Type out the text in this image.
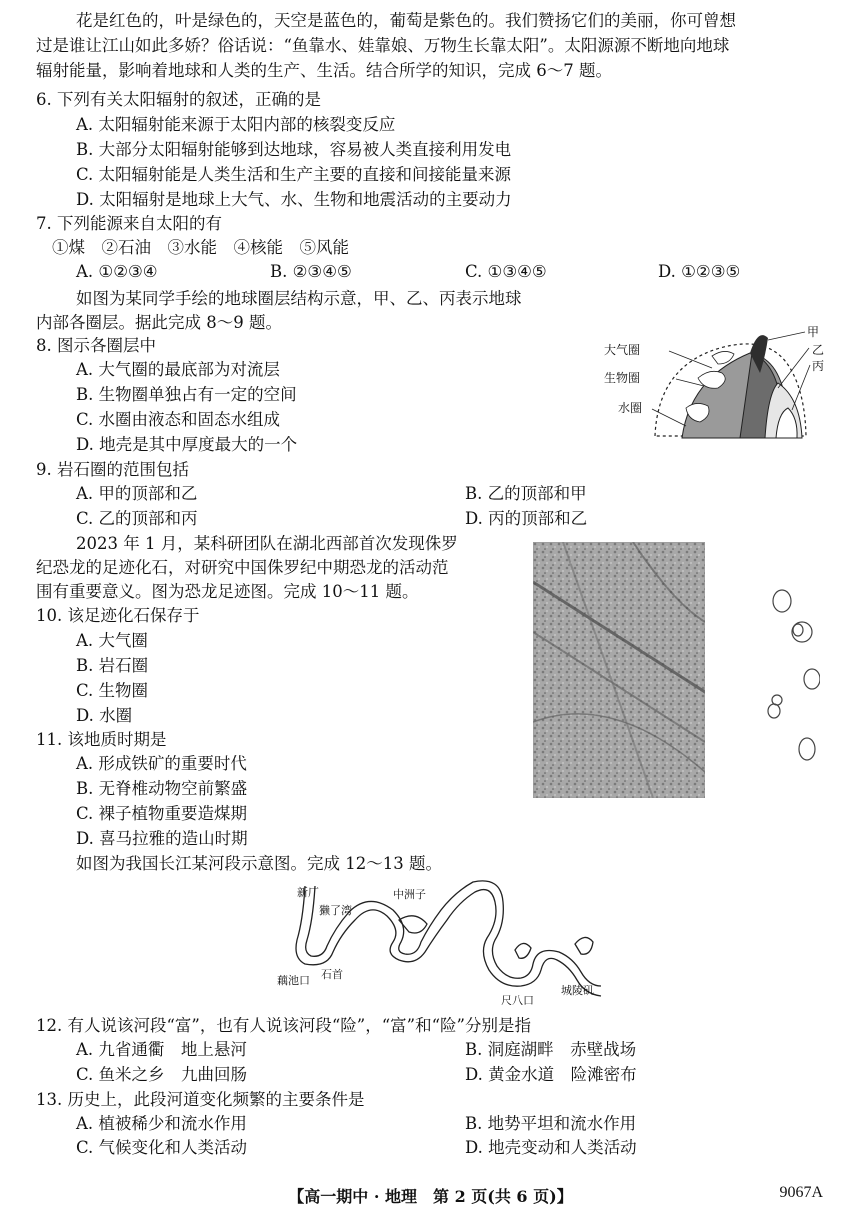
花是红色的，叶是绿色的，天空是蓝色的，葡萄是紫色的。我们赞扬它们的美丽，你可曾想
过是谁让江山如此多娇？俗话说：“鱼靠水、娃靠娘、万物生长靠太阳”。太阳源源不断地向地球
辐射能量，影响着地球和人类的生产、生活。结合所学的知识，完成 6～7 题。
6. 下列有关太阳辐射的叙述，正确的是
A. 太阳辐射能来源于太阳内部的核裂变反应
B. 大部分太阳辐射能够到达地球，容易被人类直接利用发电
C. 太阳辐射能是人类生活和生产主要的直接和间接能量来源
D. 太阳辐射是地球上大气、水、生物和地震活动的主要动力
7. 下列能源来自太阳的有
①煤　②石油　③水能　④核能　⑤风能
A. ①②③④	B. ②③④⑤	C. ①③④⑤	D. ①②③⑤
如图为某同学手绘的地球圈层结构示意，甲、乙、丙表示地球
内部各圈层。据此完成 8～9 题。	甲
乙
丙
大气圈
生物圈
水圈
8. 图示各圈层中
A. 大气圈的最底部为对流层
B. 生物圈单独占有一定的空间
C. 水圈由液态和固态水组成
D. 地壳是其中厚度最大的一个
9. 岩石圈的范围包括
A. 甲的顶部和乙	B. 乙的顶部和甲
C. 乙的顶部和丙	D. 丙的顶部和乙
2023 年 1 月，某科研团队在湖北西部首次发现侏罗
纪恐龙的足迹化石，对研究中国侏罗纪中期恐龙的活动范
围有重要意义。图为恐龙足迹图。完成 10～11 题。
10. 该足迹化石保存于
A. 大气圈
B. 岩石圈
C. 生物圈
D. 水圈
11. 该地质时期是
A. 形成铁矿的重要时代
B. 无脊椎动物空前繁盛
C. 裸子植物重要造煤期
D. 喜马拉雅的造山时期
如图为我国长江某河段示意图。完成 12～13 题。
新厂	中洲子
獭了湾
藕池口 石首
尺八口
城陵矶
12. 有人说该河段“富”，也有人说该河段“险”，“富”和“险”分别是指
A. 九省通衢　地上悬河	B. 洞庭湖畔　赤壁战场
C. 鱼米之乡　九曲回肠	D. 黄金水道　险滩密布
13. 历史上，此段河道变化频繁的主要条件是
A. 植被稀少和流水作用	B. 地势平坦和流水作用
C. 气候变化和人类活动	D. 地壳变动和人类活动
【高一期中 · 地理　第 2 页(共 6 页)】	9067A
